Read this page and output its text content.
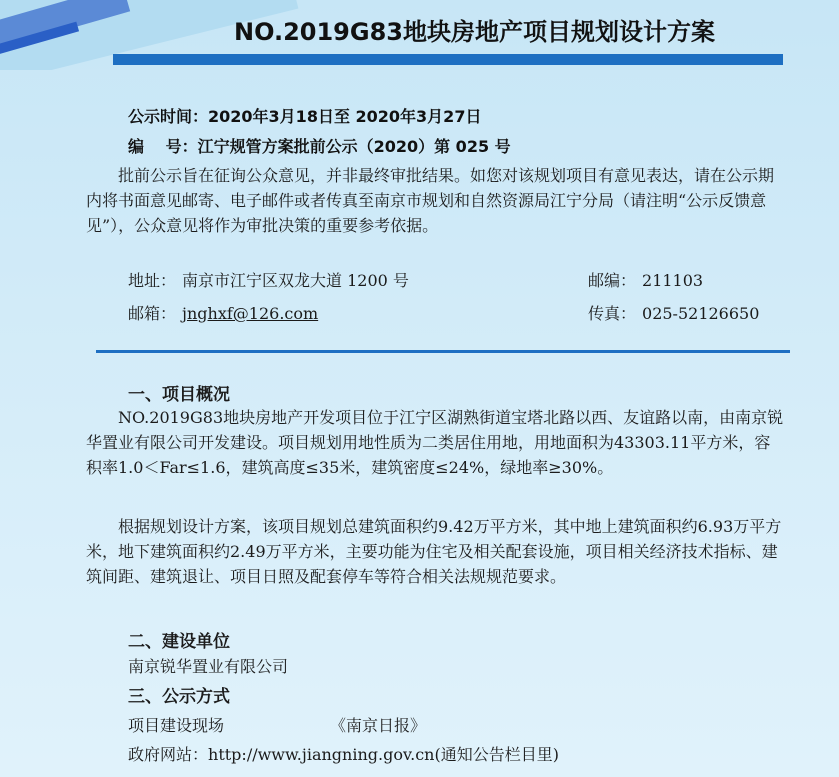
NO.2019G83地块房地产项目规划设计方案
公示时间：2020年3月18日至 2020年3月27日
编　 号：江宁规管方案批前公示（2020）第 025 号
批前公示旨在征询公众意见，并非最终审批结果。如您对该规划项目有意见表达，请在公示期内将书面意见邮寄、电子邮件或者传真至南京市规划和自然资源局江宁分局（请注明“公示反馈意见”），公众意见将作为审批决策的重要参考依据。
地址： 南京市江宁区双龙大道 1200 号	邮编： 211103
邮箱： jnghxf@126.com	传真： 025-52126650
一、项目概况
NO.2019G83地块房地产开发项目位于江宁区湖熟街道宝塔北路以西、友谊路以南，由南京锐华置业有限公司开发建设。项目规划用地性质为二类居住用地，用地面积为43303.11平方米，容积率1.0＜Far≤1.6，建筑高度≤35米，建筑密度≤24%，绿地率≥30%。
根据规划设计方案，该项目规划总建筑面积约9.42万平方米，其中地上建筑面积约6.93万平方米，地下建筑面积约2.49万平方米，主要功能为住宅及相关配套设施，项目相关经济技术指标、建筑间距、建筑退让、项目日照及配套停车等符合相关法规规范要求。
二、建设单位
南京锐华置业有限公司
三、公示方式
项目建设现场	《南京日报》
政府网站：http://www.jiangning.gov.cn(通知公告栏目里)
